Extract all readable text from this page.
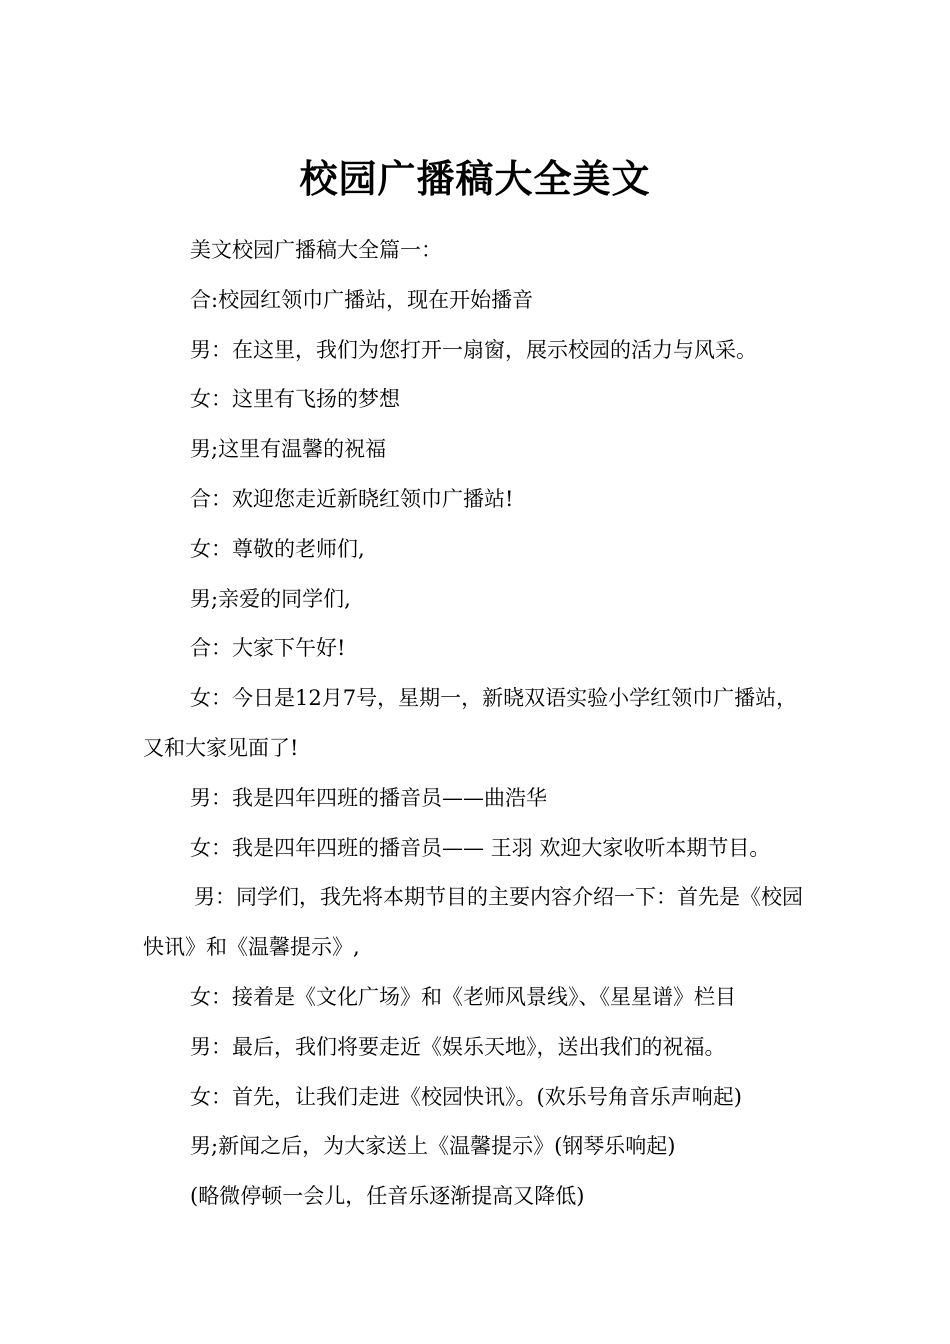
校园广播稿大全美文

美文校园广播稿大全篇一：

合:校园红领巾广播站，现在开始播音

男：在这里，我们为您打开一扇窗，展示校园的活力与风采。

女：这里有飞扬的梦想

男;这里有温馨的祝福

合：欢迎您走近新晓红领巾广播站!

女：尊敬的老师们,

男;亲爱的同学们,

合：大家下午好!

女：今日是12月7号，星期一，新晓双语实验小学红领巾广播站，又和大家见面了!

男：我是四年四班的播音员——曲浩华

女：我是四年四班的播音员—— 王羽 欢迎大家收听本期节目。

男：同学们，我先将本期节目的主要内容介绍一下：首先是《校园快讯》和《温馨提示》,

女：接着是《文化广场》和《老师风景线》、《星星谱》栏目

男：最后，我们将要走近《娱乐天地》，送出我们的祝福。

女：首先，让我们走进《校园快讯》。(欢乐号角音乐声响起)

男;新闻之后，为大家送上《温馨提示》(钢琴乐响起)

(略微停顿一会儿，任音乐逐渐提高又降低)
